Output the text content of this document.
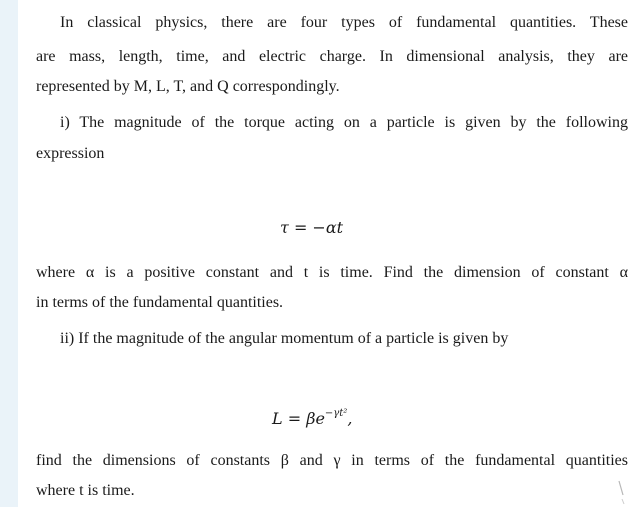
In classical physics, there are four types of fundamental quantities. These
are mass, length, time, and electric charge. In dimensional analysis, they are
represented by M, L, T, and Q correspondingly.
i) The magnitude of the torque acting on a particle is given by the following
expression
τ = −αt
where α is a positive constant and t is time. Find the dimension of constant α
in terms of the fundamental quantities.
ii) If the magnitude of the angular momentum of a particle is given by
$L = \beta e^{-\gamma t^2}$,
find the dimensions of constants β and γ in terms of the fundamental quantities
where t is time.
